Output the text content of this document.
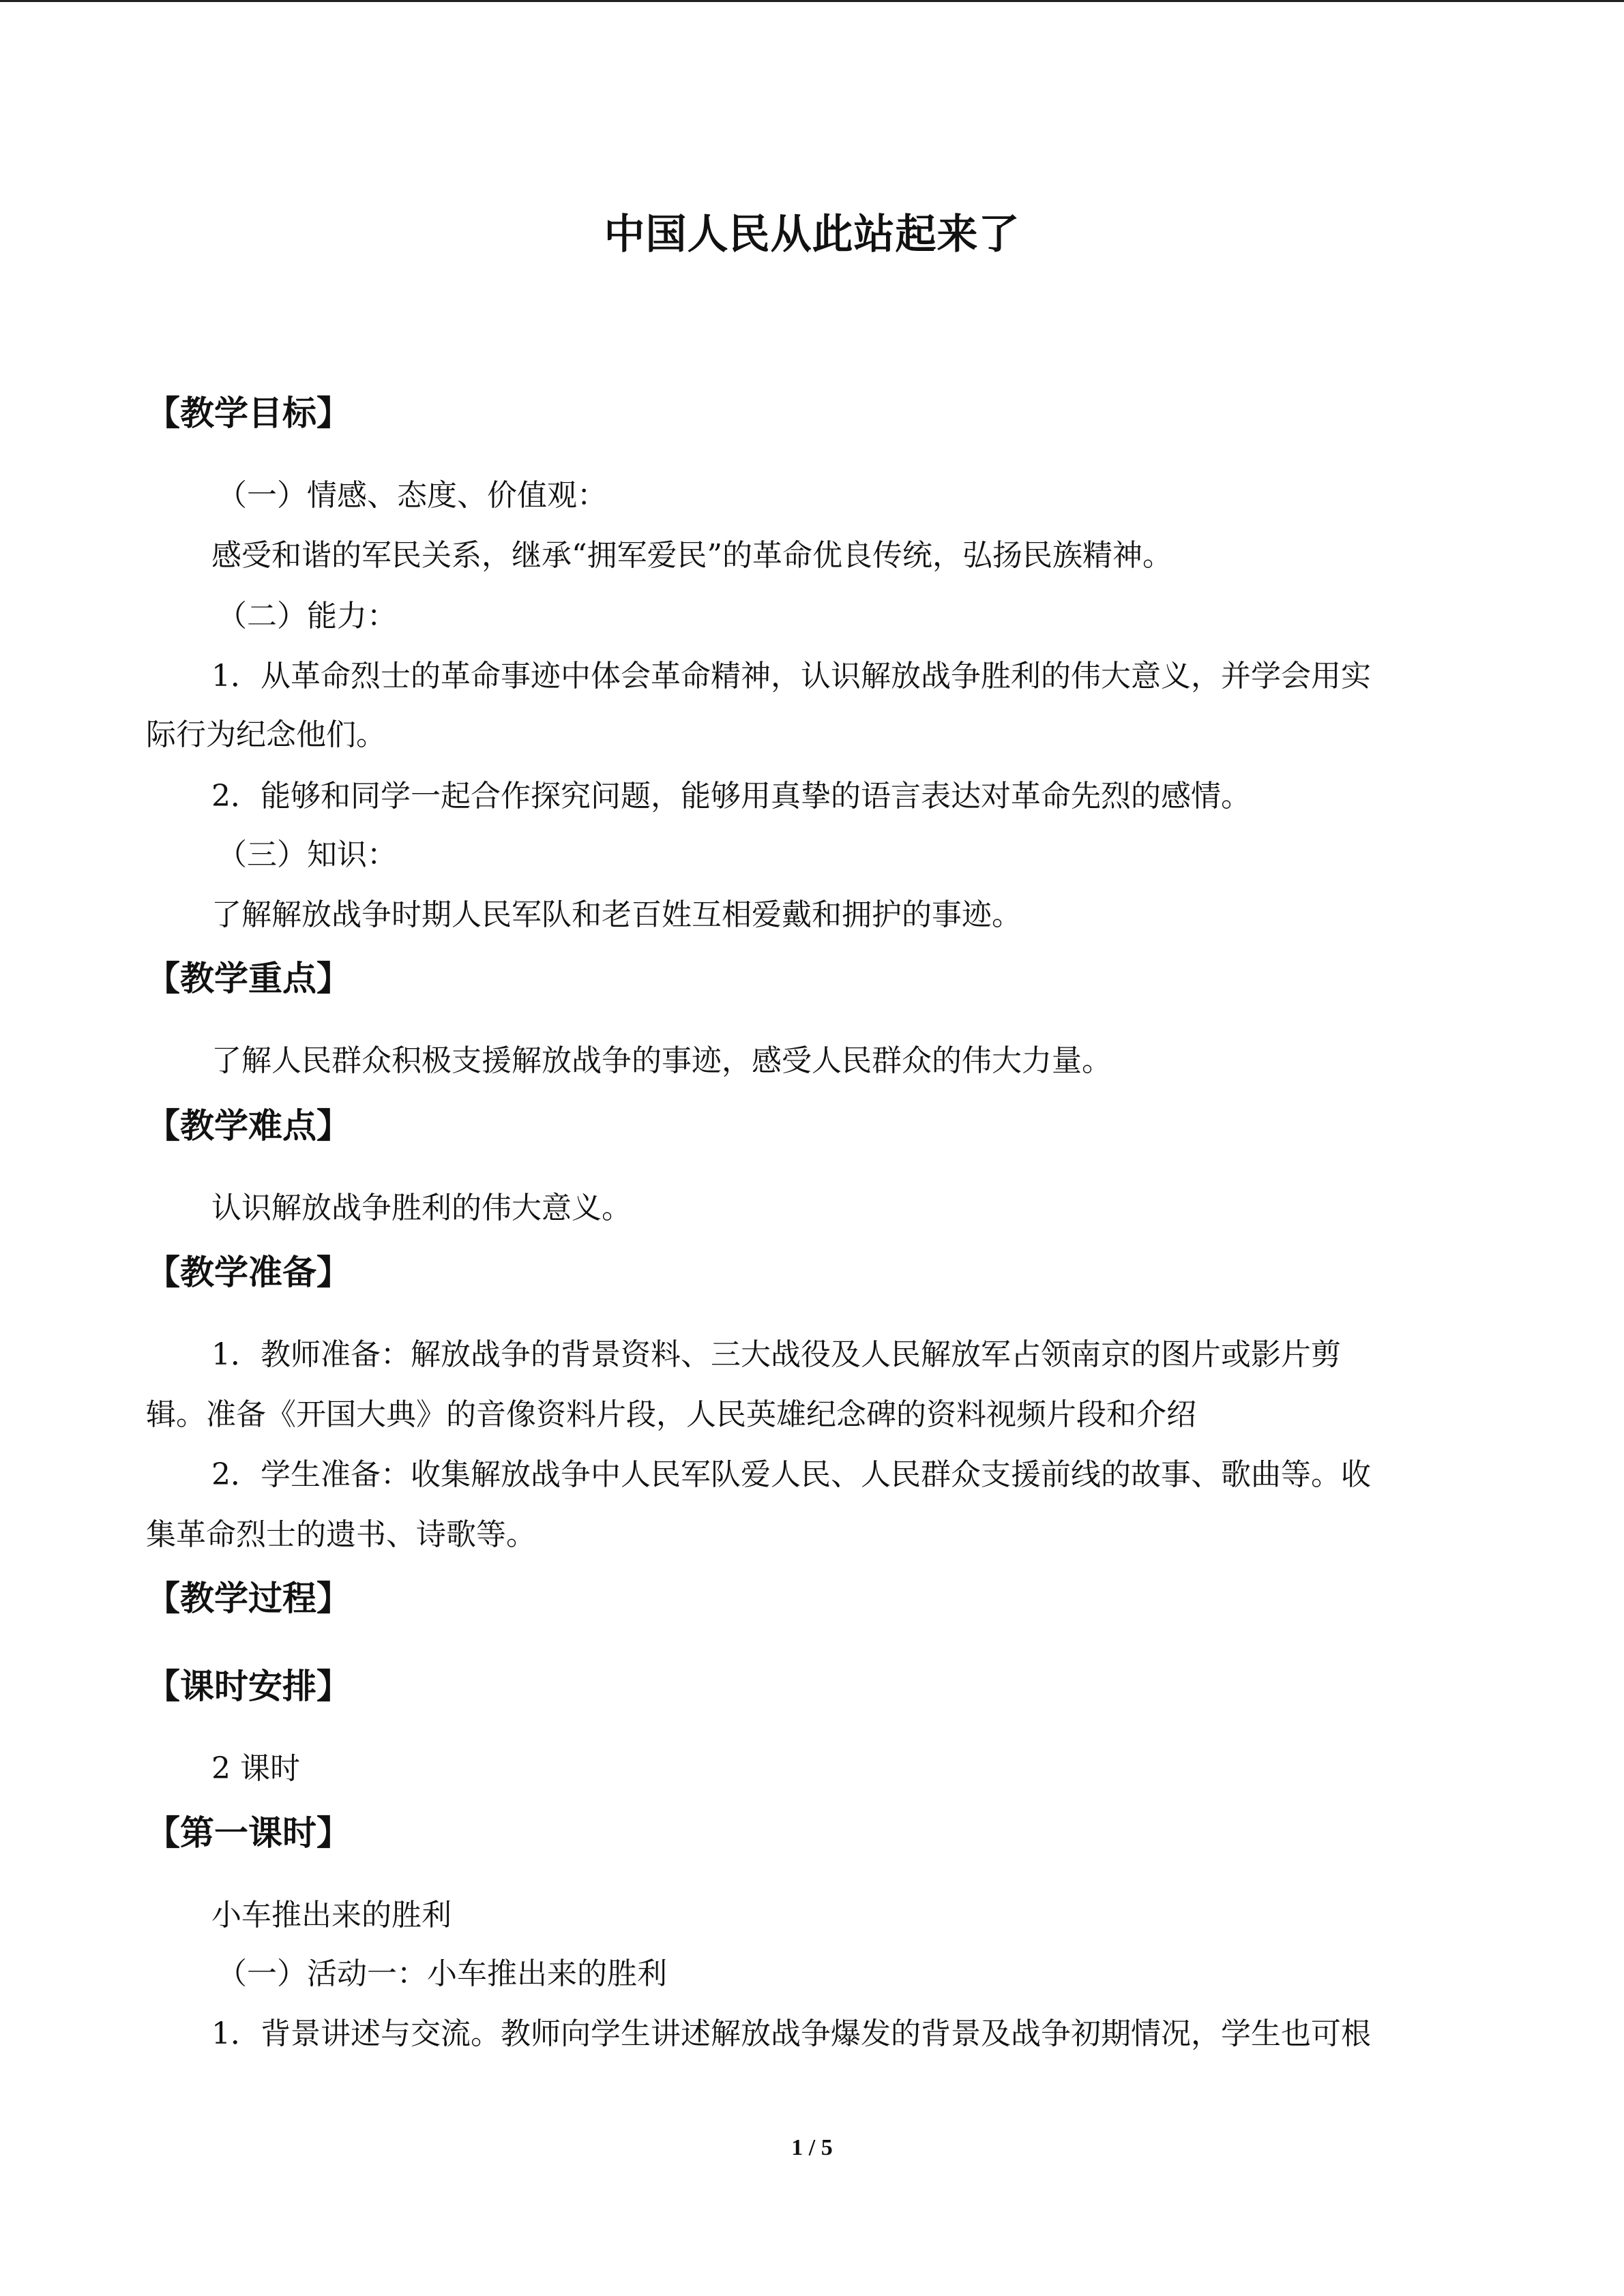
中国人民从此站起来了
【教学目标】
（一）情感、态度、价值观：
感受和谐的军民关系，继承“拥军爱民”的革命优良传统，弘扬民族精神。
（二）能力：
1．从革命烈士的革命事迹中体会革命精神，认识解放战争胜利的伟大意义，并学会用实
际行为纪念他们。
2．能够和同学一起合作探究问题，能够用真挚的语言表达对革命先烈的感情。
（三）知识：
了解解放战争时期人民军队和老百姓互相爱戴和拥护的事迹。
【教学重点】
了解人民群众积极支援解放战争的事迹，感受人民群众的伟大力量。
【教学难点】
认识解放战争胜利的伟大意义。
【教学准备】
1．教师准备：解放战争的背景资料、三大战役及人民解放军占领南京的图片或影片剪
辑。准备《开国大典》的音像资料片段，人民英雄纪念碑的资料视频片段和介绍
2．学生准备：收集解放战争中人民军队爱人民、人民群众支援前线的故事、歌曲等。收
集革命烈士的遗书、诗歌等。
【教学过程】
【课时安排】
2 课时
【第一课时】
小车推出来的胜利
（一）活动一：小车推出来的胜利
1．背景讲述与交流。教师向学生讲述解放战争爆发的背景及战争初期情况，学生也可根
1 / 5
